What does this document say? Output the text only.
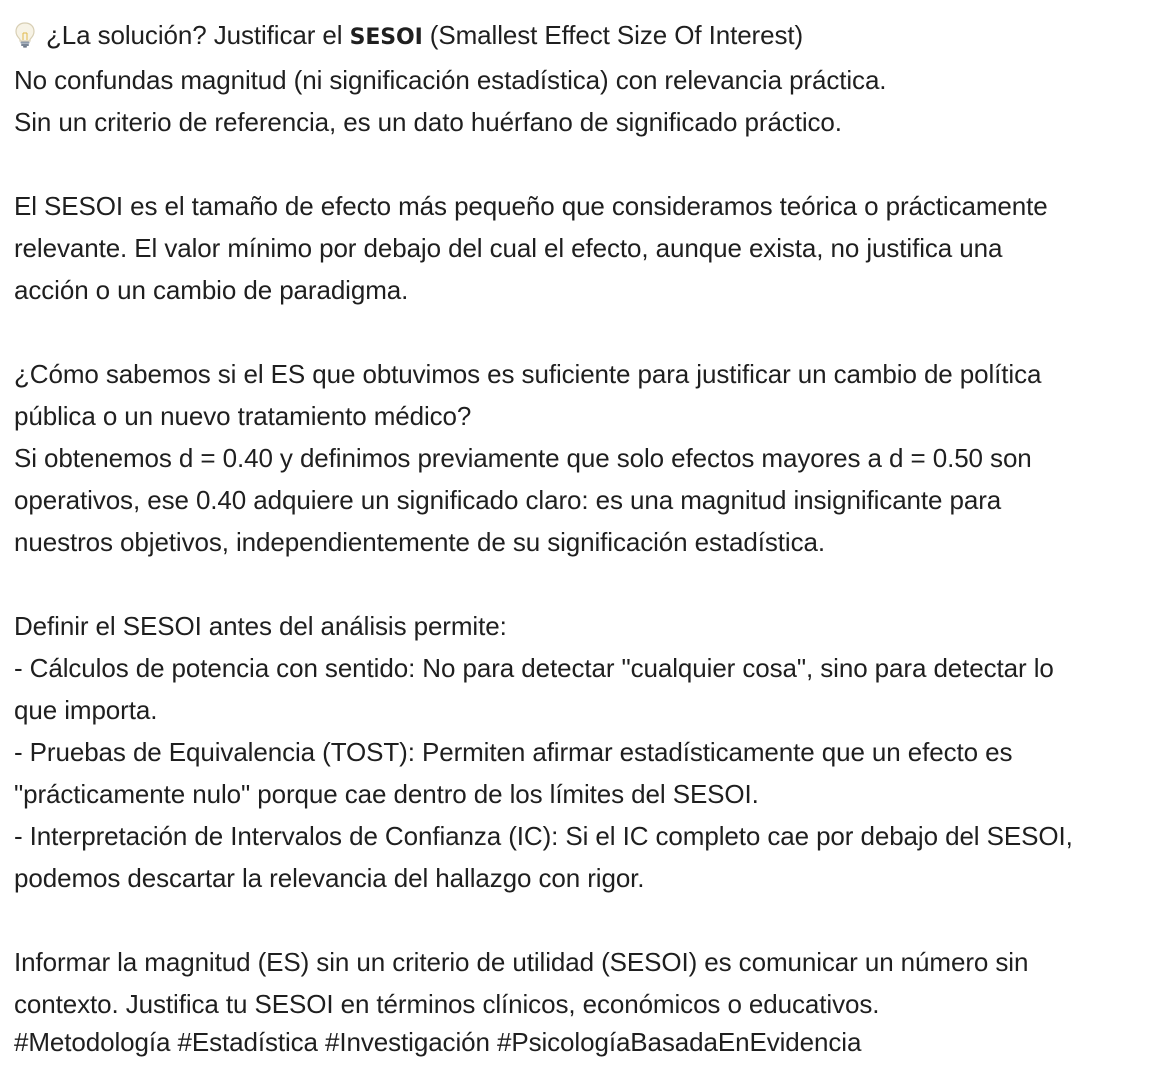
¿La solución? Justificar el SESOI (Smallest Effect Size Of Interest)
No confundas magnitud (ni significación estadística) con relevancia práctica.
Sin un criterio de referencia, es un dato huérfano de significado práctico.
El SESOI es el tamaño de efecto más pequeño que consideramos teórica o prácticamente
relevante. El valor mínimo por debajo del cual el efecto, aunque exista, no justifica una
acción o un cambio de paradigma.
¿Cómo sabemos si el ES que obtuvimos es suficiente para justificar un cambio de política
pública o un nuevo tratamiento médico?
Si obtenemos d = 0.40 y definimos previamente que solo efectos mayores a d = 0.50 son
operativos, ese 0.40 adquiere un significado claro: es una magnitud insignificante para
nuestros objetivos, independientemente de su significación estadística.
Definir el SESOI antes del análisis permite:
- Cálculos de potencia con sentido: No para detectar "cualquier cosa", sino para detectar lo
que importa.
- Pruebas de Equivalencia (TOST): Permiten afirmar estadísticamente que un efecto es
"prácticamente nulo" porque cae dentro de los límites del SESOI.
- Interpretación de Intervalos de Confianza (IC): Si el IC completo cae por debajo del SESOI,
podemos descartar la relevancia del hallazgo con rigor.
Informar la magnitud (ES) sin un criterio de utilidad (SESOI) es comunicar un número sin
contexto. Justifica tu SESOI en términos clínicos, económicos o educativos.
#Metodología #Estadística #Investigación #PsicologíaBasadaEnEvidencia
